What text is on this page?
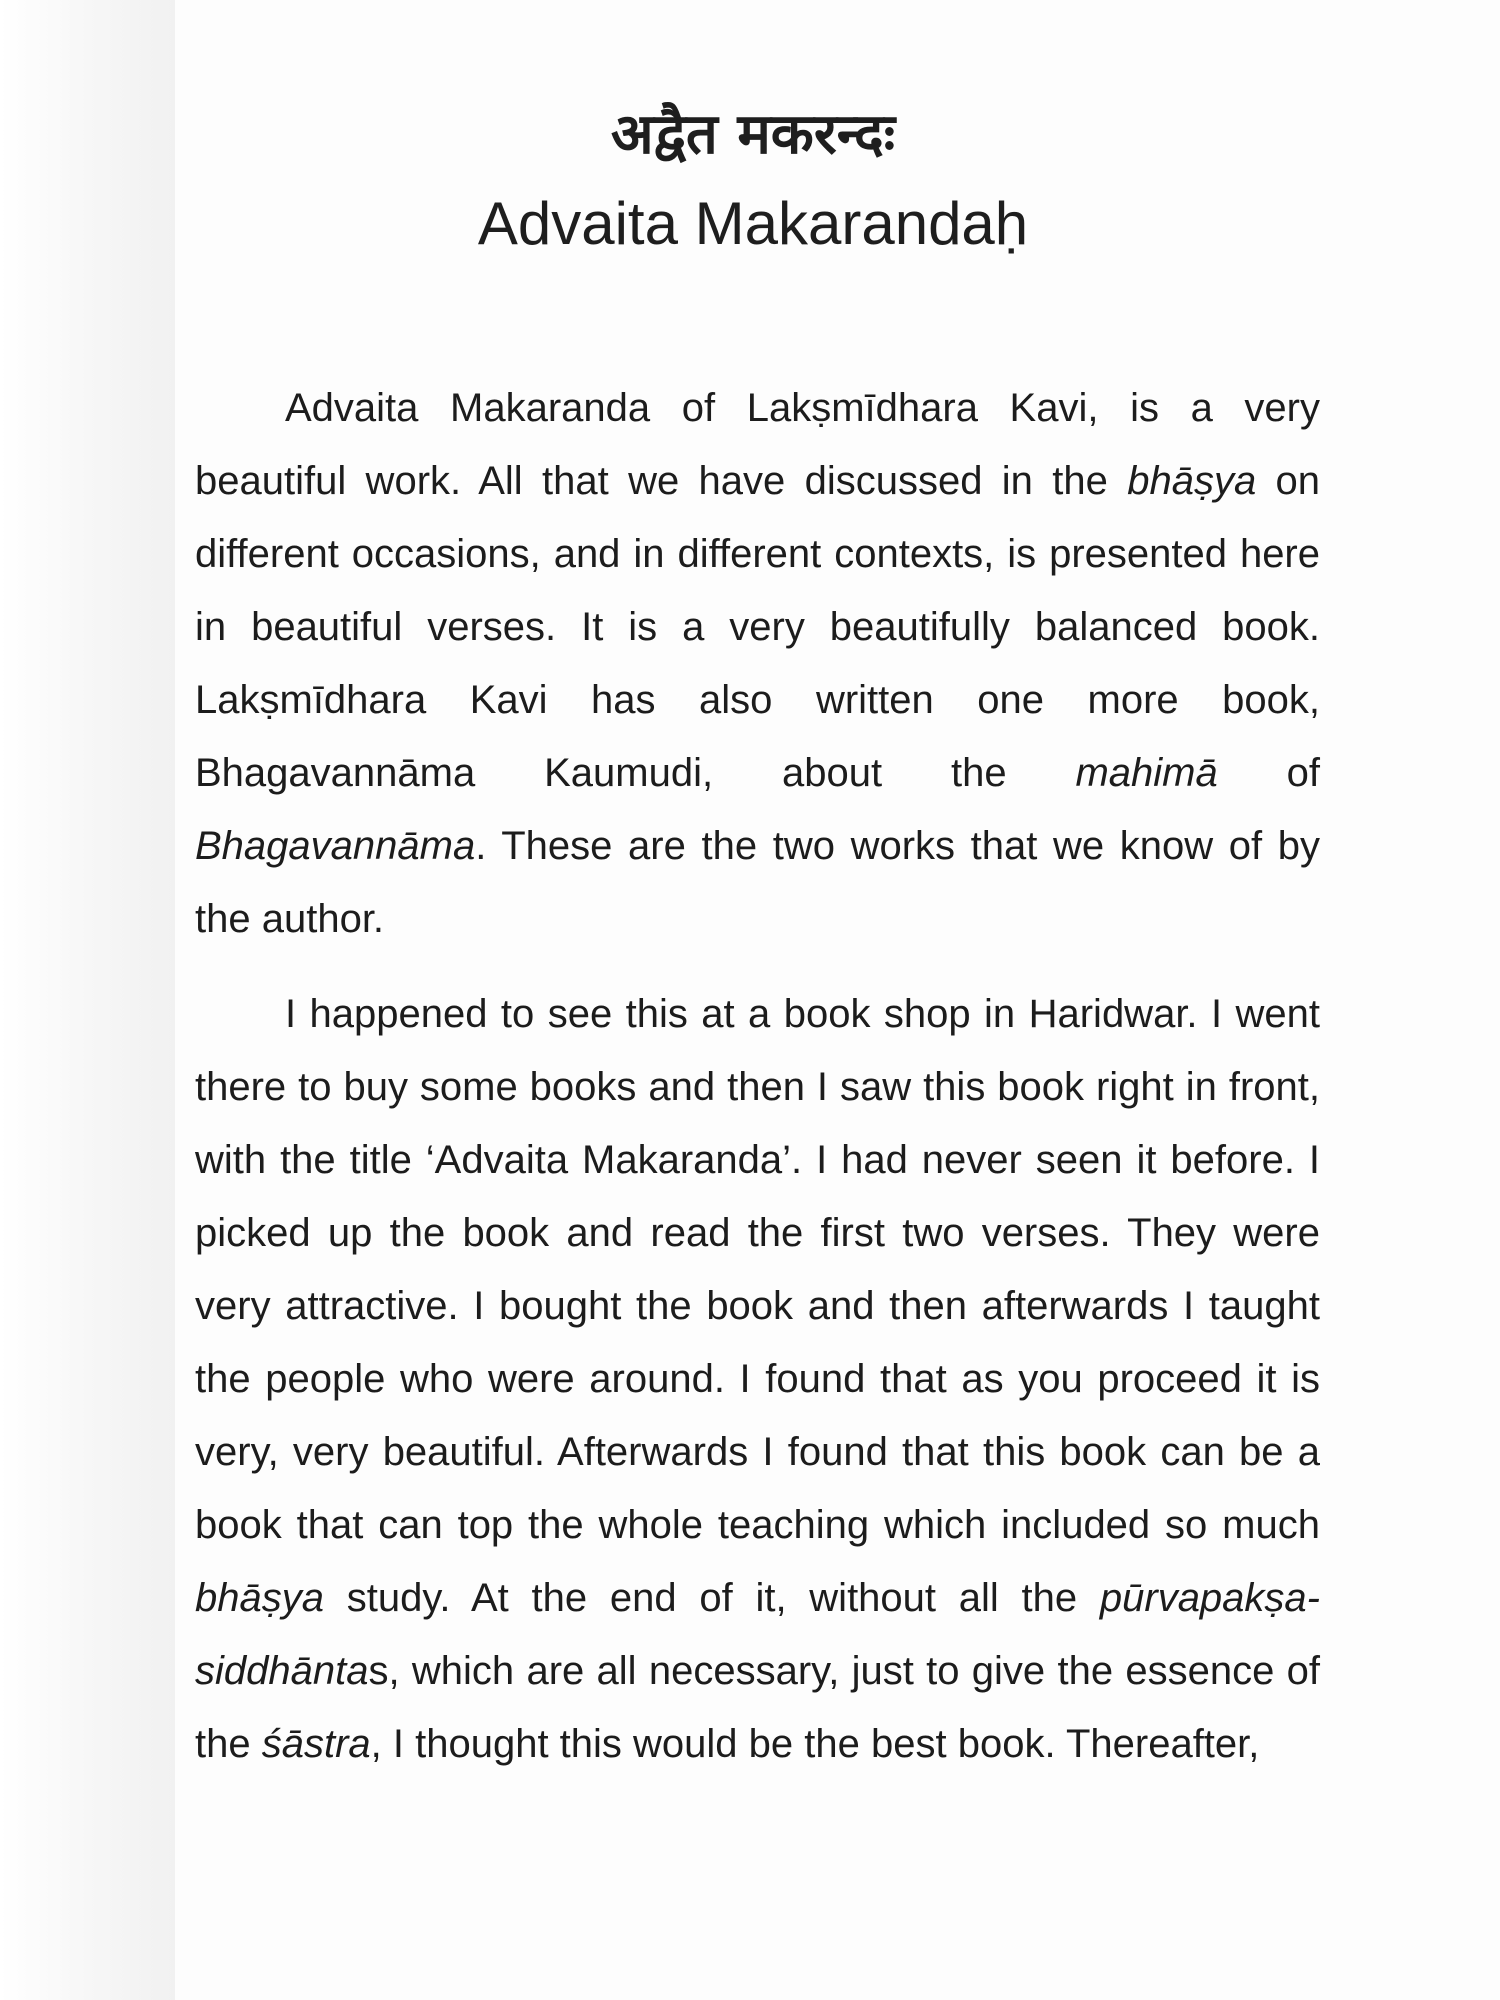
अद्वैत मकरन्दः
Advaita Makarandaḥ

Advaita Makaranda of Lakṣmīdhara Kavi, is a very beautiful work. All that we have discussed in the bhāṣya on different occasions, and in different contexts, is presented here in beautiful verses. It is a very beautifully balanced book. Lakṣmīdhara Kavi has also written one more book, Bhagavannāma Kaumudi, about the mahimā of Bhagavannāma. These are the two works that we know of by the author.

I happened to see this at a book shop in Haridwar. I went there to buy some books and then I saw this book right in front, with the title ‘Advaita Makaranda’. I had never seen it before. I picked up the book and read the first two verses. They were very attractive. I bought the book and then afterwards I taught the people who were around. I found that as you proceed it is very, very beautiful. Afterwards I found that this book can be a book that can top the whole teaching which included so much bhāṣya study. At the end of it, without all the pūrvapakṣa-siddhāntas, which are all necessary, just to give the essence of the śāstra, I thought this would be the best book. Thereafter,
